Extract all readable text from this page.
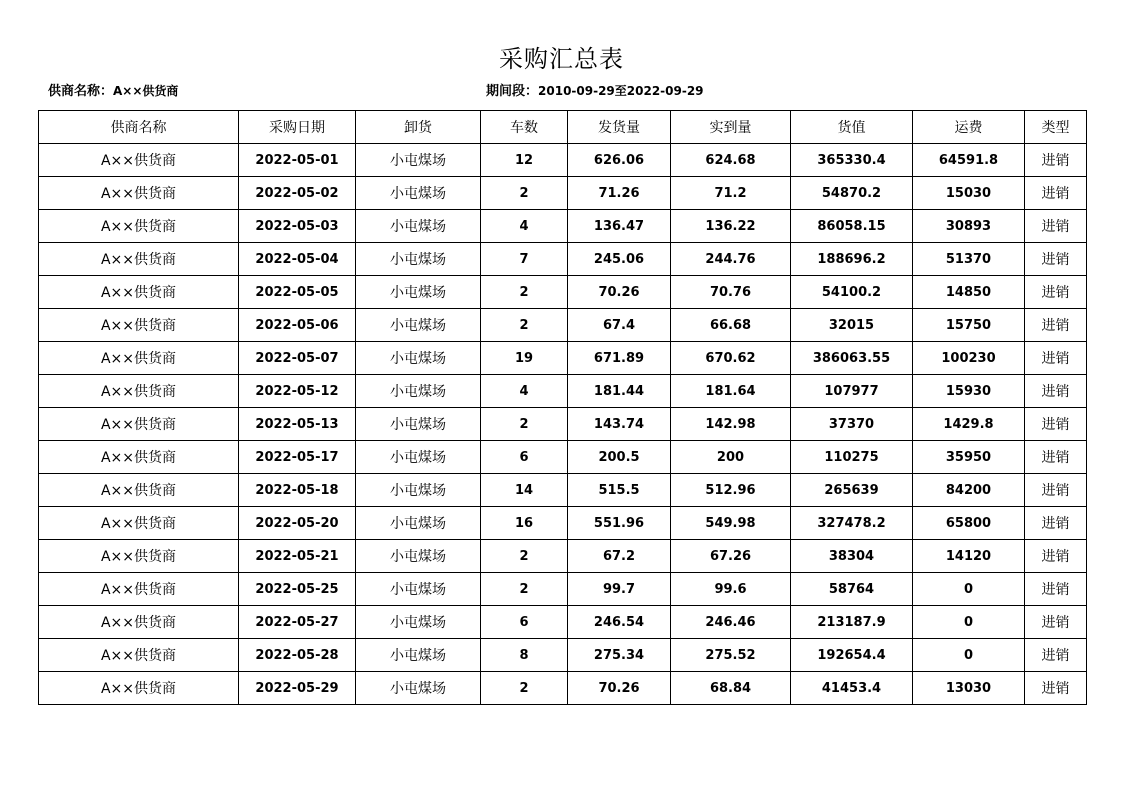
采购汇总表
供商名称：A××供货商	期间段：2010-09-29至2022-09-29
供商名称	采购日期	卸货	车数	发货量	实到量	货值	运费	类型
A××供货商	2022-05-01	小屯煤场	12	626.06	624.68	365330.4	64591.8	进销
A××供货商	2022-05-02	小屯煤场	2	71.26	71.2	54870.2	15030	进销
A××供货商	2022-05-03	小屯煤场	4	136.47	136.22	86058.15	30893	进销
A××供货商	2022-05-04	小屯煤场	7	245.06	244.76	188696.2	51370	进销
A××供货商	2022-05-05	小屯煤场	2	70.26	70.76	54100.2	14850	进销
A××供货商	2022-05-06	小屯煤场	2	67.4	66.68	32015	15750	进销
A××供货商	2022-05-07	小屯煤场	19	671.89	670.62	386063.55	100230	进销
A××供货商	2022-05-12	小屯煤场	4	181.44	181.64	107977	15930	进销
A××供货商	2022-05-13	小屯煤场	2	143.74	142.98	37370	1429.8	进销
A××供货商	2022-05-17	小屯煤场	6	200.5	200	110275	35950	进销
A××供货商	2022-05-18	小屯煤场	14	515.5	512.96	265639	84200	进销
A××供货商	2022-05-20	小屯煤场	16	551.96	549.98	327478.2	65800	进销
A××供货商	2022-05-21	小屯煤场	2	67.2	67.26	38304	14120	进销
A××供货商	2022-05-25	小屯煤场	2	99.7	99.6	58764	0	进销
A××供货商	2022-05-27	小屯煤场	6	246.54	246.46	213187.9	0	进销
A××供货商	2022-05-28	小屯煤场	8	275.34	275.52	192654.4	0	进销
A××供货商	2022-05-29	小屯煤场	2	70.26	68.84	41453.4	13030	进销
